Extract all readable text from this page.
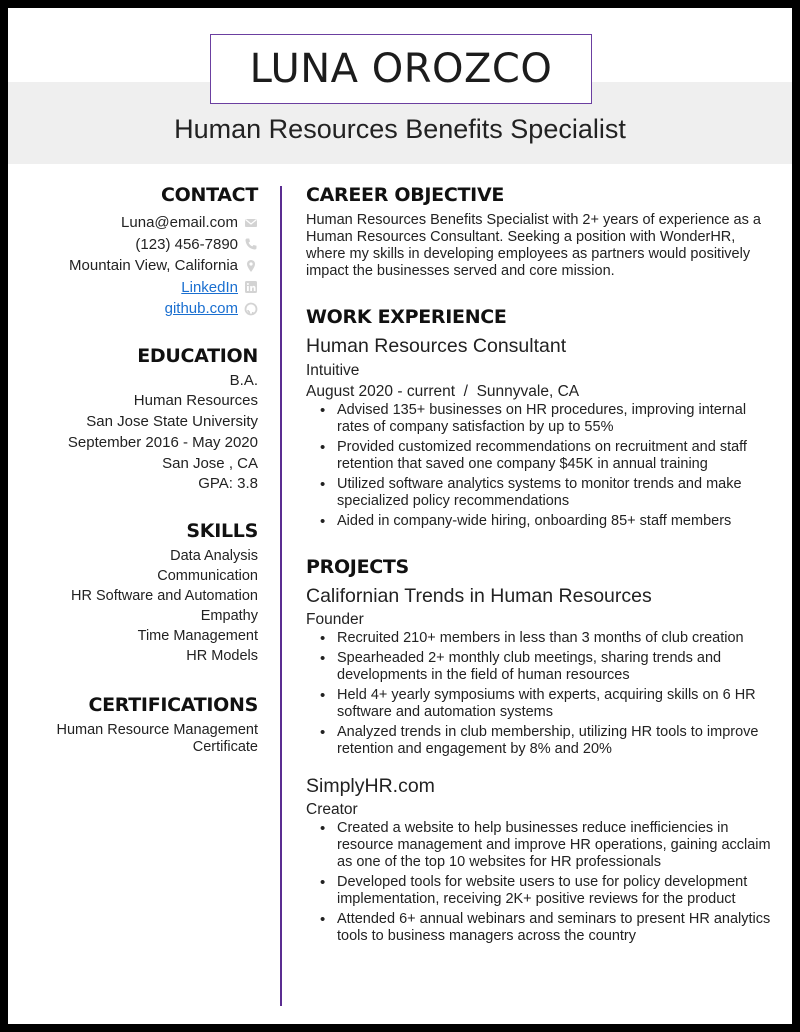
LUNA OROZCO
Human Resources Benefits Specialist
CONTACT
Luna@email.com
(123) 456-7890
Mountain View, California
LinkedIn
github.com
EDUCATION
B.A.
Human Resources
San Jose State University
September 2016 - May 2020
San Jose , CA
GPA: 3.8
SKILLS
Data Analysis
Communication
HR Software and Automation
Empathy
Time Management
HR Models
CERTIFICATIONS
Human Resource Management
Certificate
CAREER OBJECTIVE
Human Resources Benefits Specialist with 2+ years of experience as a Human Resources Consultant. Seeking a position with WonderHR, where my skills in developing employees as partners would positively impact the businesses served and core mission.
WORK EXPERIENCE
Human Resources Consultant
Intuitive
August 2020 - current  /  Sunnyvale, CA
• Advised 135+ businesses on HR procedures, improving internal rates of company satisfaction by up to 55%
• Provided customized recommendations on recruitment and staff retention that saved one company $45K in annual training
• Utilized software analytics systems to monitor trends and make specialized policy recommendations
• Aided in company-wide hiring, onboarding 85+ staff members
PROJECTS
Californian Trends in Human Resources
Founder
• Recruited 210+ members in less than 3 months of club creation
• Spearheaded 2+ monthly club meetings, sharing trends and developments in the field of human resources
• Held 4+ yearly symposiums with experts, acquiring skills on 6 HR software and automation systems
• Analyzed trends in club membership, utilizing HR tools to improve retention and engagement by 8% and 20%
SimplyHR.com
Creator
• Created a website to help businesses reduce inefficiencies in resource management and improve HR operations, gaining acclaim as one of the top 10 websites for HR professionals
• Developed tools for website users to use for policy development implementation, receiving 2K+ positive reviews for the product
• Attended 6+ annual webinars and seminars to present HR analytics tools to business managers across the country
